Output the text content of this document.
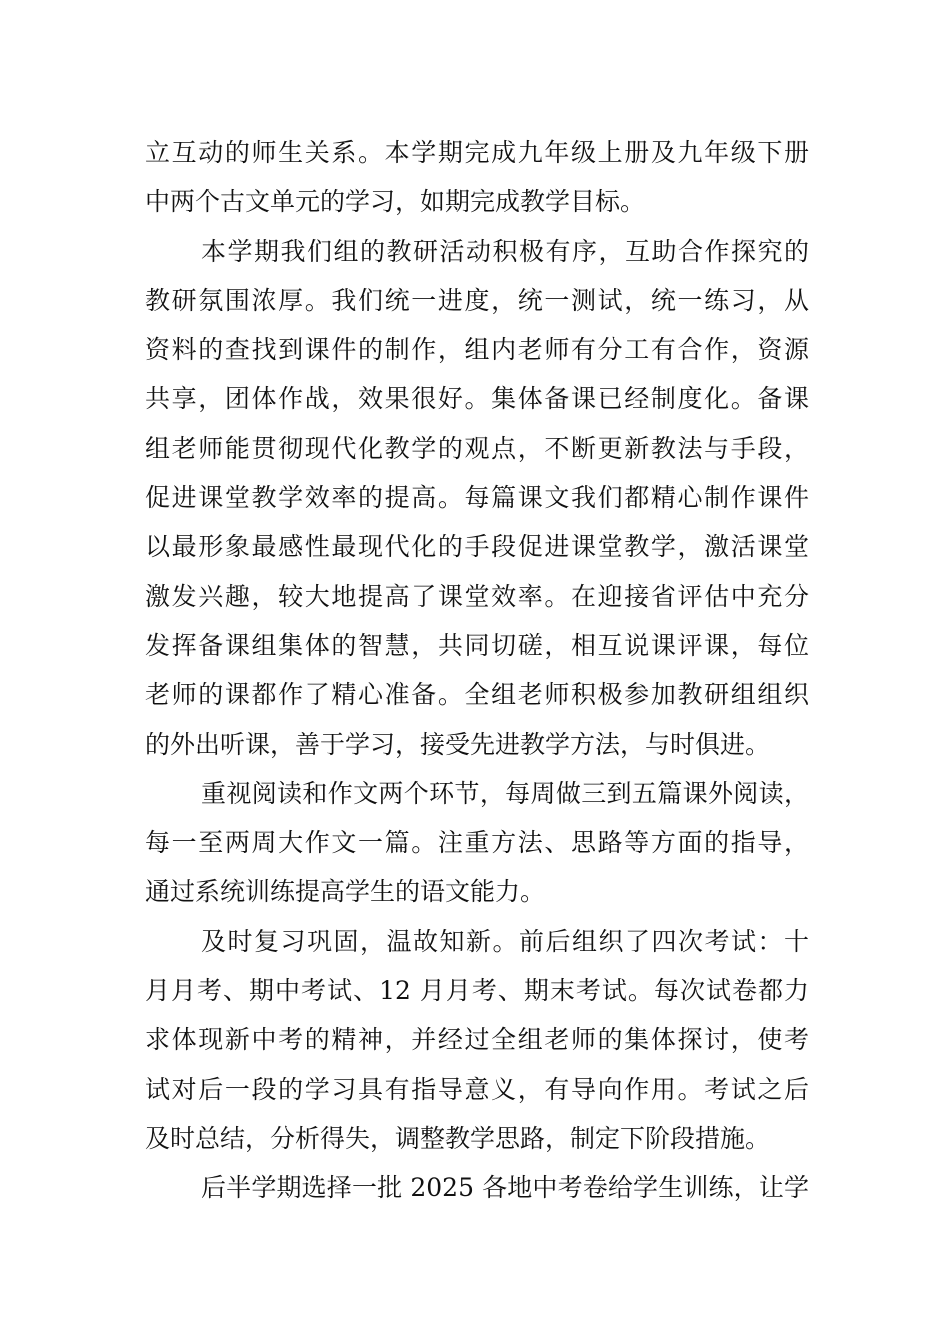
立互动的师生关系。本学期完成九年级上册及九年级下册
中两个古文单元的学习，如期完成教学目标。
本学期我们组的教研活动积极有序，互助合作探究的
教研氛围浓厚。我们统一进度，统一测试，统一练习，从
资料的查找到课件的制作，组内老师有分工有合作，资源
共享，团体作战，效果很好。集体备课已经制度化。备课
组老师能贯彻现代化教学的观点，不断更新教法与手段，
促进课堂教学效率的提高。每篇课文我们都精心制作课件
以最形象最感性最现代化的手段促进课堂教学，激活课堂
激发兴趣，较大地提高了课堂效率。在迎接省评估中充分
发挥备课组集体的智慧，共同切磋，相互说课评课，每位
老师的课都作了精心准备。全组老师积极参加教研组组织
的外出听课，善于学习，接受先进教学方法，与时俱进。
重视阅读和作文两个环节，每周做三到五篇课外阅读，
每一至两周大作文一篇。注重方法、思路等方面的指导，
通过系统训练提高学生的语文能力。
及时复习巩固，温故知新。前后组织了四次考试：十
月月考、期中考试、12 月月考、期末考试。每次试卷都力
求体现新中考的精神，并经过全组老师的集体探讨，使考
试对后一段的学习具有指导意义，有导向作用。考试之后
及时总结，分析得失，调整教学思路，制定下阶段措施。
后半学期选择一批 2025 各地中考卷给学生训练，让学
